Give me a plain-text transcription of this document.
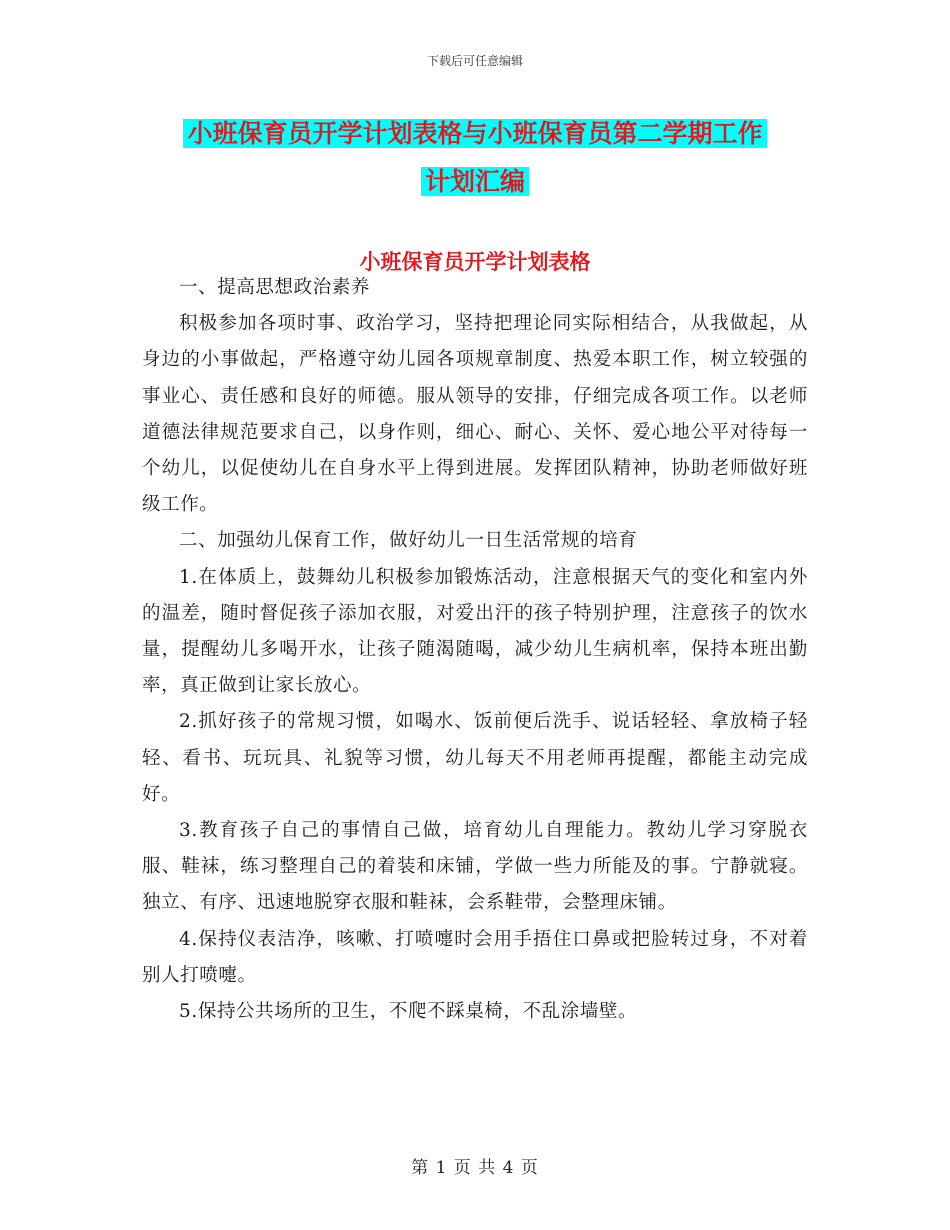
下载后可任意编辑
小班保育员开学计划表格与小班保育员第二学期工作
计划汇编
小班保育员开学计划表格

一、提高思想政治素养

积极参加各项时事、政治学习，坚持把理论同实际相结合，从我做起，从身边的小事做起，严格遵守幼儿园各项规章制度、热爱本职工作，树立较强的事业心、责任感和良好的师德。服从领导的安排，仔细完成各项工作。以老师道德法律规范要求自己，以身作则，细心、耐心、关怀、爱心地公平对待每一个幼儿，以促使幼儿在自身水平上得到进展。发挥团队精神，协助老师做好班级工作。

二、加强幼儿保育工作，做好幼儿一日生活常规的培育

1.在体质上，鼓舞幼儿积极参加锻炼活动，注意根据天气的变化和室内外的温差，随时督促孩子添加衣服，对爱出汗的孩子特别护理，注意孩子的饮水量，提醒幼儿多喝开水，让孩子随渴随喝，减少幼儿生病机率，保持本班出勤率，真正做到让家长放心。

2.抓好孩子的常规习惯，如喝水、饭前便后洗手、说话轻轻、拿放椅子轻轻、看书、玩玩具、礼貌等习惯，幼儿每天不用老师再提醒，都能主动完成好。

3.教育孩子自己的事情自己做，培育幼儿自理能力。教幼儿学习穿脱衣服、鞋袜，练习整理自己的着装和床铺，学做一些力所能及的事。宁静就寝。独立、有序、迅速地脱穿衣服和鞋袜，会系鞋带，会整理床铺。

4.保持仪表洁净，咳嗽、打喷嚏时会用手捂住口鼻或把脸转过身，不对着别人打喷嚏。

5.保持公共场所的卫生，不爬不踩桌椅，不乱涂墙壁。

第 1 页 共 4 页
